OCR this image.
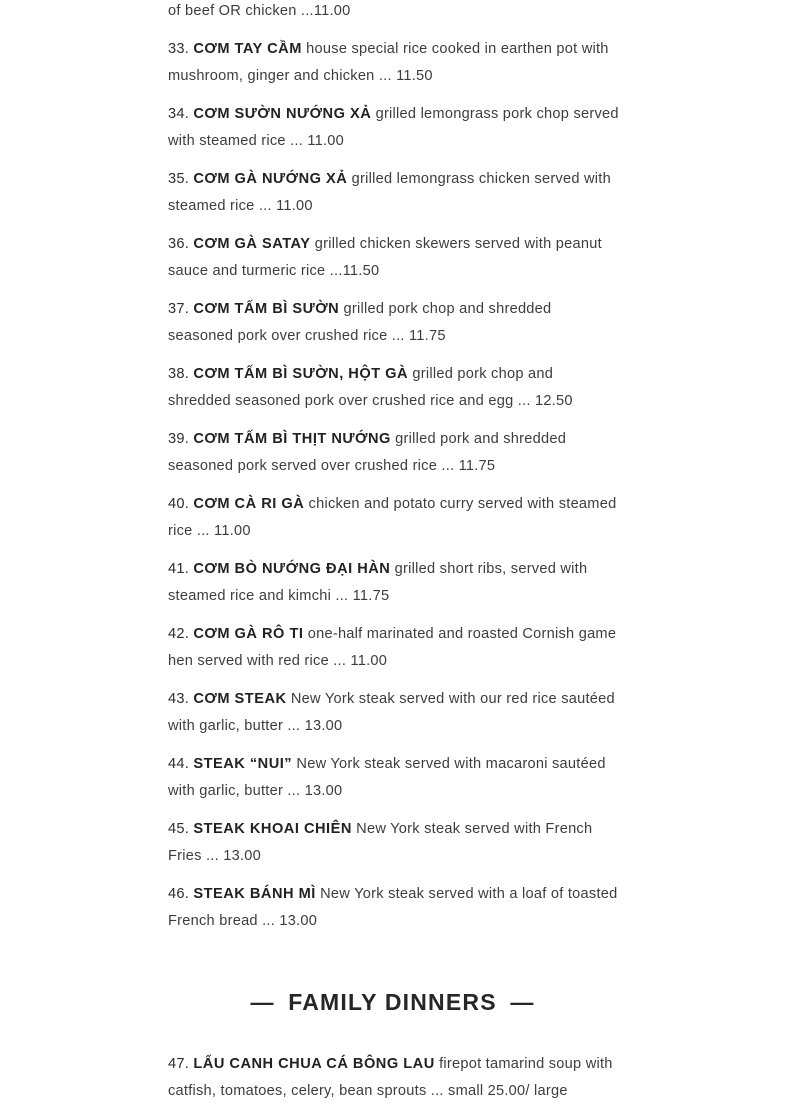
of beef OR chicken ...11.00

33. CƠM TAY CẦM house special rice cooked in earthen pot with mushroom, ginger and chicken ... 11.50

34. CƠM SƯỜN NƯỚNG XẢ grilled lemongrass pork chop served with steamed rice ... 11.00

35. CƠM GÀ NƯỚNG XẢ grilled lemongrass chicken served with steamed rice ... 11.00

36. CƠM GÀ SATAY grilled chicken skewers served with peanut sauce and turmeric rice ...11.50

37. CƠM TẤM BÌ SƯỜN grilled pork chop and shredded seasoned pork over crushed rice ... 11.75

38. CƠM TẤM BÌ SƯỜN, HỘT GÀ grilled pork chop and shredded seasoned pork over crushed rice and egg ... 12.50

39. CƠM TẤM BÌ THỊT NƯỚNG grilled pork and shredded seasoned pork served over crushed rice ... 11.75

40. CƠM CÀ RI GÀ chicken and potato curry served with steamed rice ... 11.00

41. CƠM BÒ NƯỚNG ĐẠI HÀN grilled short ribs, served with steamed rice and kimchi ... 11.75

42. CƠM GÀ RÔ TI one-half marinated and roasted Cornish game hen served with red rice ... 11.00

43. CƠM STEAK New York steak served with our red rice sautéed with garlic, butter ... 13.00

44. STEAK “NUI” New York steak served with macaroni sautéed with garlic, butter ... 13.00

45. STEAK KHOAI CHIÊN New York steak served with French Fries ... 13.00

46. STEAK BÁNH MÌ New York steak served with a loaf of toasted French bread ... 13.00

— FAMILY DINNERS —

47. LẨU CANH CHUA CÁ BÔNG LAU firepot tamarind soup with catfish, tomatoes, celery, bean sprouts ... small 25.00/ large
